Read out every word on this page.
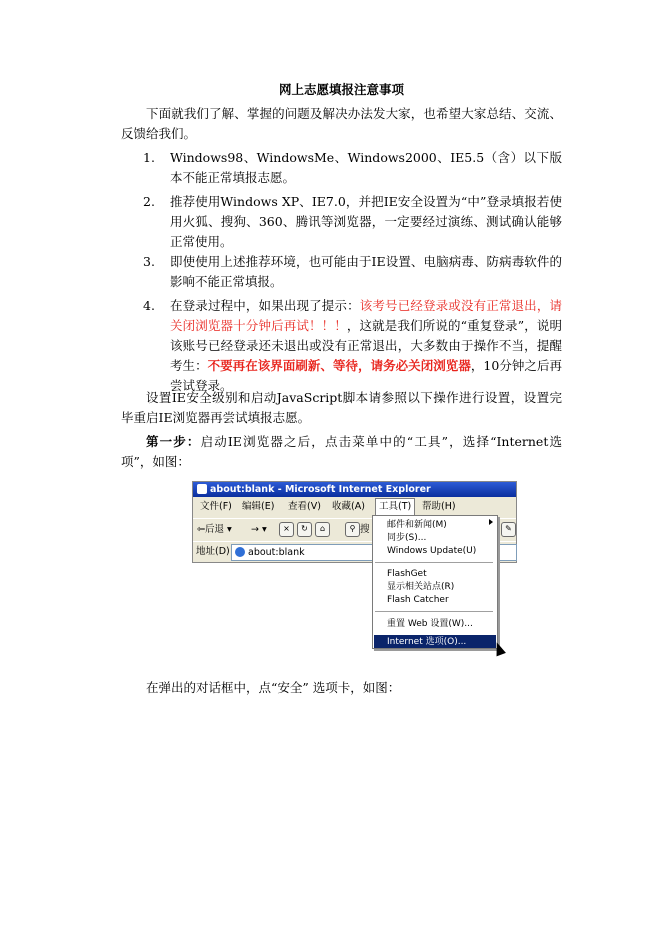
网上志愿填报注意事项
下面就我们了解、掌握的问题及解决办法发大家，也希望大家总结、交流、反馈给我们。
1. Windows98、WindowsMe、Windows2000、IE5.5（含）以下版本不能正常填报志愿。
2. 推荐使用Windows XP、IE7.0，并把IE安全设置为“中”登录填报若使用火狐、搜狗、360、腾讯等浏览器，一定要经过演练、测试确认能够正常使用。
3. 即使使用上述推荐环境，也可能由于IE设置、电脑病毒、防病毒软件的影响不能正常填报。
4. 在登录过程中，如果出现了提示：该考号已经登录或没有正常退出，请关闭浏览器十分钟后再试！！！，这就是我们所说的“重复登录”，说明该账号已经登录还未退出或没有正常退出，大多数由于操作不当，提醒考生：不要再在该界面刷新、等待，请务必关闭浏览器，10分钟之后再尝试登录。
设置IE安全级别和启动JavaScript脚本请参照以下操作进行设置，设置完毕重启IE浏览器再尝试填报志愿。
第一步：启动IE浏览器之后，点击菜单中的“工具”，选择“Internet选项”，如图：
在弹出的对话框中，点“安全” 选项卡，如图：
about:blank - Microsoft Internet Explorer
文件(F)	编辑(E)	查看(V)	收藏(A)	工具(T)	帮助(H)
⇦后退 ▾ → ▾	×	↻	⌂	⚲ 搜	✎
地址(D)	about:blank
邮件和新闻(M)
同步(S)...
Windows Update(U)
FlashGet
显示相关站点(R)
Flash Catcher
重置 Web 设置(W)...
Internet 选项(O)...
